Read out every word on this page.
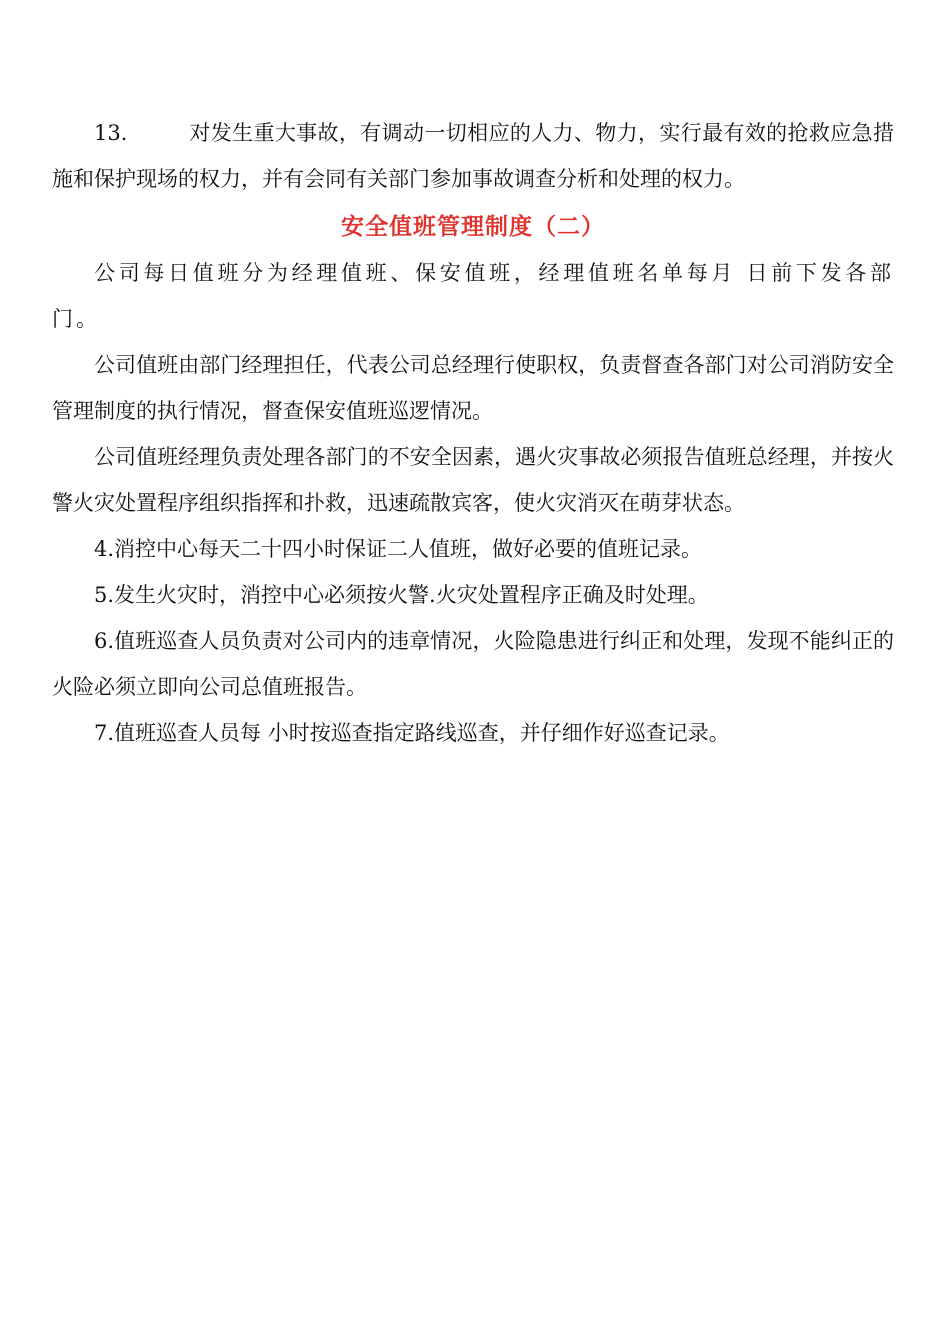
13.	对发生重大事故，有调动一切相应的人力、物力，实行最有效的抢救应急措施和保护现场的权力，并有会同有关部门参加事故调查分析和处理的权力。

安全值班管理制度（二）

公司每日值班分为经理值班、保安值班，经理值班名单每月 日前下发各部门。

公司值班由部门经理担任，代表公司总经理行使职权，负责督查各部门对公司消防安全管理制度的执行情况，督查保安值班巡逻情况。

公司值班经理负责处理各部门的不安全因素，遇火灾事故必须报告值班总经理，并按火警火灾处置程序组织指挥和扑救，迅速疏散宾客，使火灾消灭在萌芽状态。

4.消控中心每天二十四小时保证二人值班，做好必要的值班记录。

5.发生火灾时，消控中心必须按火警.火灾处置程序正确及时处理。

6.值班巡查人员负责对公司内的违章情况，火险隐患进行纠正和处理，发现不能纠正的火险必须立即向公司总值班报告。

7.值班巡查人员每 小时按巡查指定路线巡查，并仔细作好巡查记录。
